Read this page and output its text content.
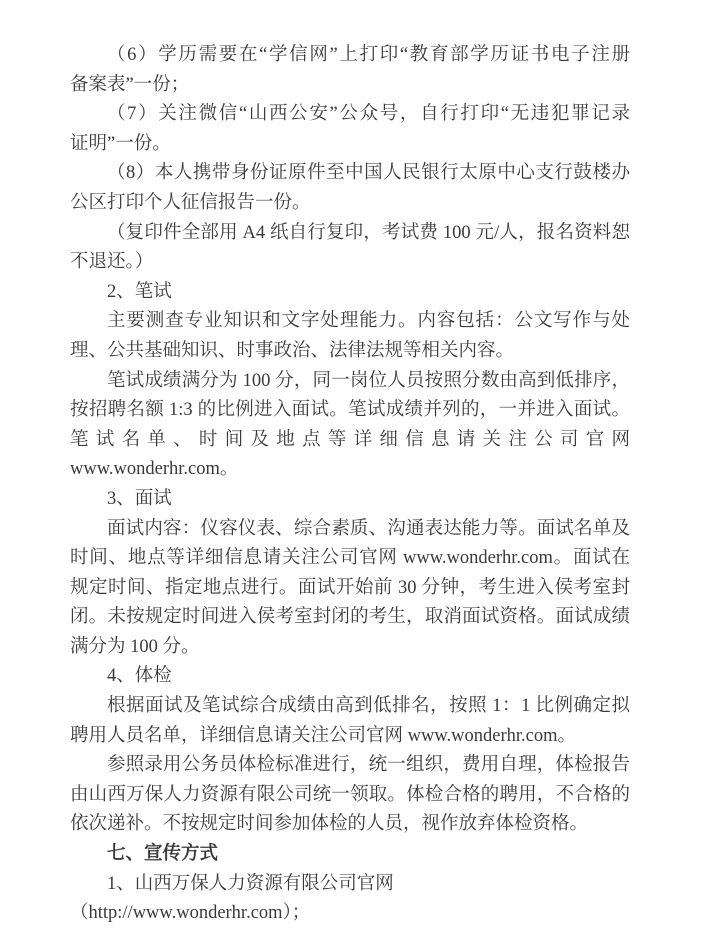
（6）学历需要在“学信网”上打印“教育部学历证书电子注册
备案表”一份；
（7）关注微信“山西公安”公众号，自行打印“无违犯罪记录
证明”一份。
（8）本人携带身份证原件至中国人民银行太原中心支行鼓楼办
公区打印个人征信报告一份。
（复印件全部用 A4 纸自行复印，考试费 100 元/人，报名资料恕
不退还。）
2、笔试
主要测查专业知识和文字处理能力。内容包括：公文写作与处
理、公共基础知识、时事政治、法律法规等相关内容。
笔试成绩满分为 100 分，同一岗位人员按照分数由高到低排序，
按招聘名额 1:3 的比例进入面试。笔试成绩并列的，一并进入面试。
笔试名单、时间及地点等详细信息请关注公司官网
www.wonderhr.com。
3、面试
面试内容：仪容仪表、综合素质、沟通表达能力等。面试名单及
时间、地点等详细信息请关注公司官网 www.wonderhr.com。面试在
规定时间、指定地点进行。面试开始前 30 分钟，考生进入侯考室封
闭。未按规定时间进入侯考室封闭的考生，取消面试资格。面试成绩
满分为 100 分。
4、体检
根据面试及笔试综合成绩由高到低排名，按照 1：1 比例确定拟
聘用人员名单，详细信息请关注公司官网 www.wonderhr.com。
参照录用公务员体检标准进行，统一组织，费用自理，体检报告
由山西万保人力资源有限公司统一领取。体检合格的聘用，不合格的
依次递补。不按规定时间参加体检的人员，视作放弃体检资格。
七、宣传方式
1、山西万保人力资源有限公司官网
（http://www.wonderhr.com）；
